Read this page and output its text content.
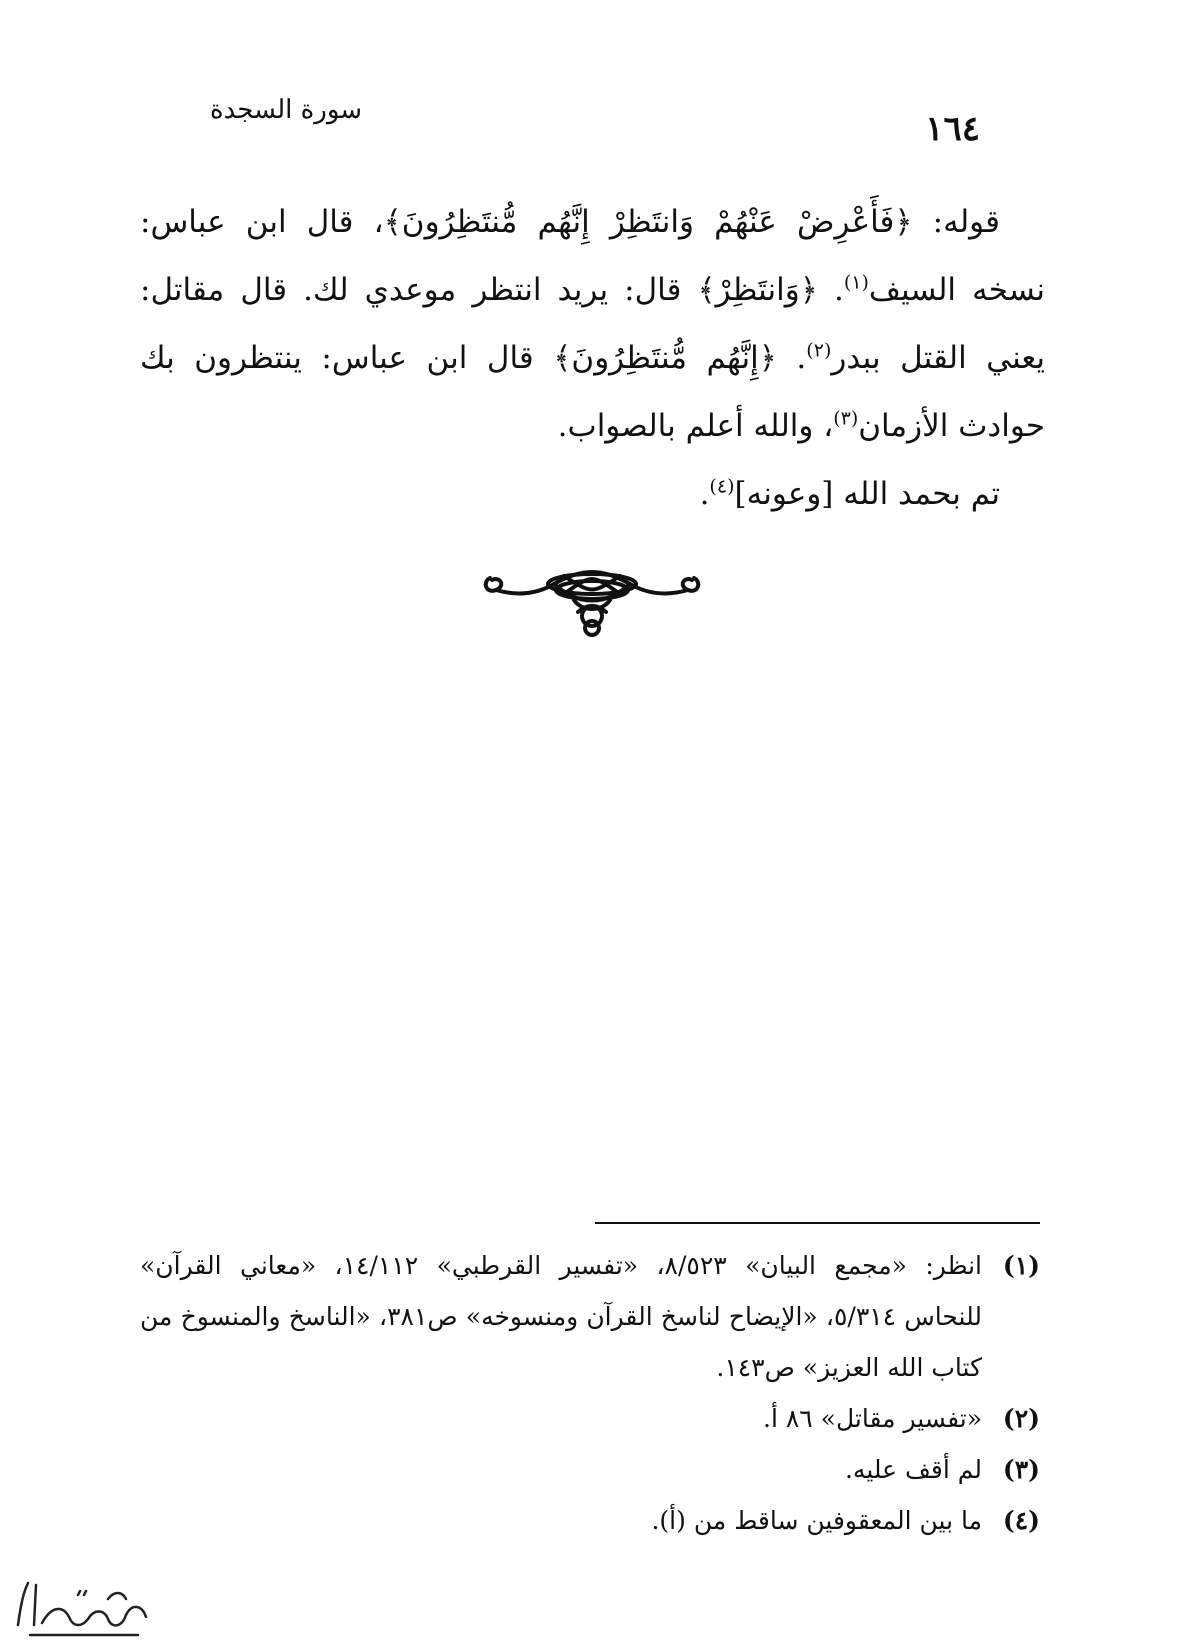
سورة السجدة	١٦٤

قوله: ﴿فَأَعْرِضْ عَنْهُمْ وَانتَظِرْ إِنَّهُم مُّنتَظِرُونَ﴾، قال ابن عباس: نسخه السيف$^{(١)}$. ﴿وَانتَظِرْ﴾ قال: يريد انتظر موعدي لك. قال مقاتل: يعني القتل ببدر$^{(٢)}$. ﴿إِنَّهُم مُّنتَظِرُونَ﴾ قال ابن عباس: ينتظرون بك حوادث الأزمان$^{(٣)}$، والله أعلم بالصواب.

تم بحمد الله [وعونه]$^{(٤)}$.

(١)
انظر: «مجمع البيان» ٨/٥٢٣، «تفسير القرطبي» ١٤/١١٢، «معاني القرآن» للنحاس ٥/٣١٤، «الإيضاح لناسخ القرآن ومنسوخه» ص٣٨١، «الناسخ والمنسوخ من كتاب الله العزيز» ص١٤٣.
(٢)
«تفسير مقاتل» ٨٦ أ.
(٣)
لم أقف عليه.
(٤)
ما بين المعقوفين ساقط من (أ).
